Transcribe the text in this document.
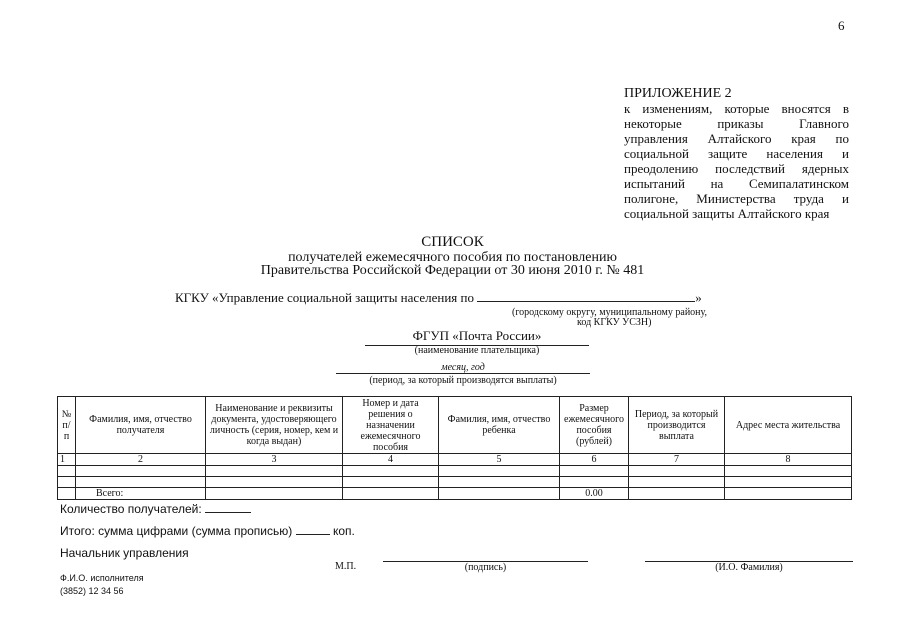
6
ПРИЛОЖЕНИЕ 2
к изменениям, которые вносятся в некоторые приказы Главного управления Алтайского края по социальной защите населения и преодолению последствий ядерных испытаний на Семипалатинском полигоне, Министерства труда и социальной защиты Алтайского края
СПИСОК
получателей ежемесячного пособия по постановлению
Правительства Российской Федерации от 30 июня 2010 г. № 481
КГКУ «Управление социальной защиты населения по	»
(городскому округу, муниципальному району,
код КГКУ УСЗН)
ФГУП «Почта России»
(наименование плательщика)
месяц, год
(период, за который производятся выплаты)
№ п/п	Фамилия, имя, отчество получателя	Наименование и реквизиты документа, удостоверяющего личность (серия, номер, кем и когда выдан)	Номер и дата решения о назначении ежемесячного пособия	Фамилия, имя, отчество ребенка	Размер ежемесячного пособия (рублей)	Период, за который производится выплата	Адрес места жительства
1	2	3	4	5	6	7	8

	Всего:				0.00		
Количество получателей:
Итого: сумма цифрами (сумма прописью)	коп.
Начальник управления
М.П.	(подпись)	(И.О. Фамилия)
Ф.И.О. исполнителя
(3852) 12 34 56
